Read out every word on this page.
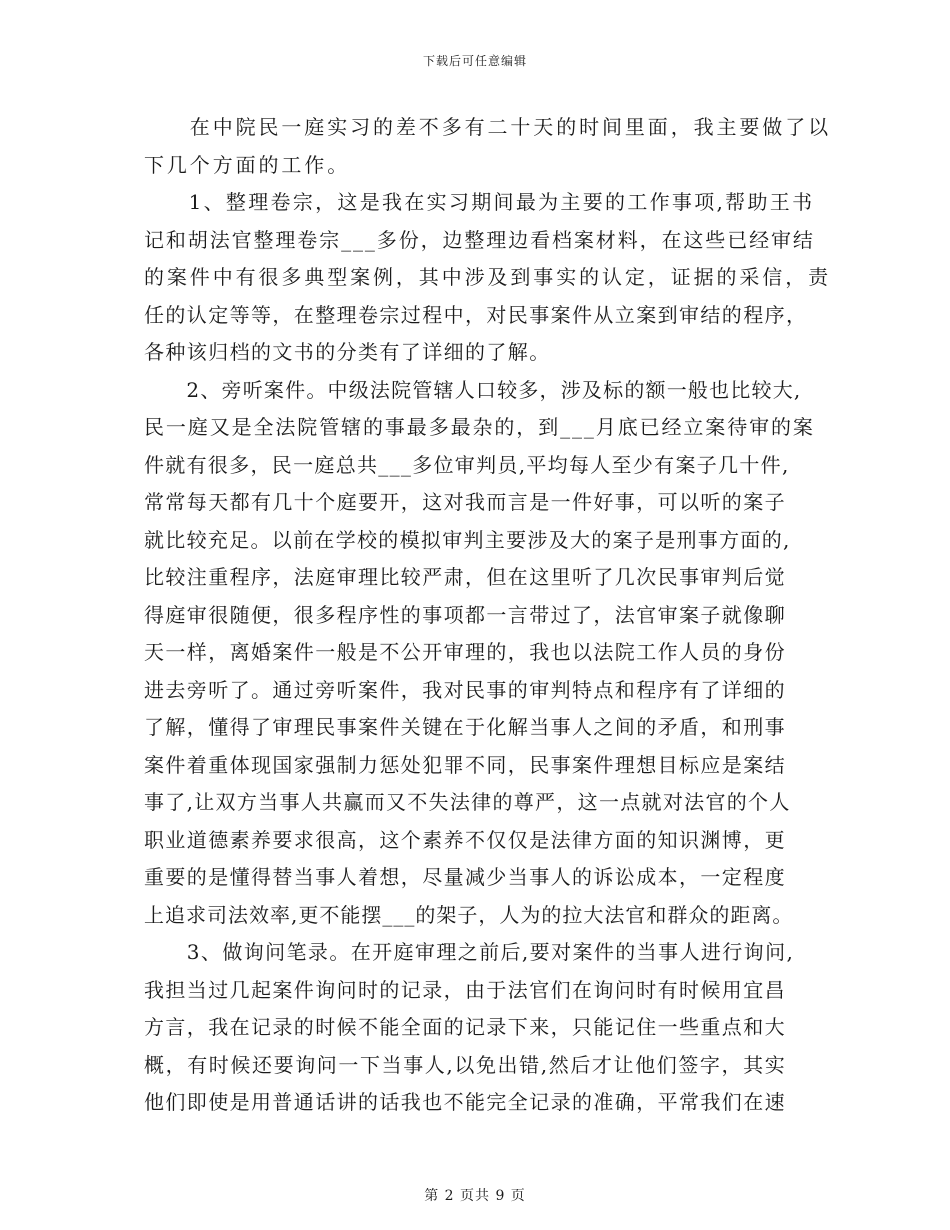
下载后可任意编辑
　　在中院民一庭实习的差不多有二十天的时间里面，我主要做了以
下几个方面的工作。
　　1、整理卷宗，这是我在实习期间最为主要的工作事项,帮助王书
记和胡法官整理卷宗___多份，边整理边看档案材料，在这些已经审结
的案件中有很多典型案例，其中涉及到事实的认定，证据的采信，责
任的认定等等，在整理卷宗过程中，对民事案件从立案到审结的程序，
各种该归档的文书的分类有了详细的了解。
　　2、旁听案件。中级法院管辖人口较多，涉及标的额一般也比较大,
民一庭又是全法院管辖的事最多最杂的，到___月底已经立案待审的案
件就有很多，民一庭总共___多位审判员,平均每人至少有案子几十件,
常常每天都有几十个庭要开，这对我而言是一件好事，可以听的案子
就比较充足。以前在学校的模拟审判主要涉及大的案子是刑事方面的,
比较注重程序，法庭审理比较严肃，但在这里听了几次民事审判后觉
得庭审很随便，很多程序性的事项都一言带过了，法官审案子就像聊
天一样，离婚案件一般是不公开审理的，我也以法院工作人员的身份
进去旁听了。通过旁听案件，我对民事的审判特点和程序有了详细的
了解，懂得了审理民事案件关键在于化解当事人之间的矛盾，和刑事
案件着重体现国家强制力惩处犯罪不同，民事案件理想目标应是案结
事了,让双方当事人共赢而又不失法律的尊严，这一点就对法官的个人
职业道德素养要求很高，这个素养不仅仅是法律方面的知识渊博，更
重要的是懂得替当事人着想，尽量减少当事人的诉讼成本，一定程度
上追求司法效率,更不能摆___的架子，人为的拉大法官和群众的距离。
　　3、做询问笔录。在开庭审理之前后,要对案件的当事人进行询问,
我担当过几起案件询问时的记录，由于法官们在询问时有时候用宜昌
方言，我在记录的时候不能全面的记录下来，只能记住一些重点和大
概，有时候还要询问一下当事人,以免出错,然后才让他们签字，其实
他们即使是用普通话讲的话我也不能完全记录的准确，平常我们在速
第 2 页共 9 页
